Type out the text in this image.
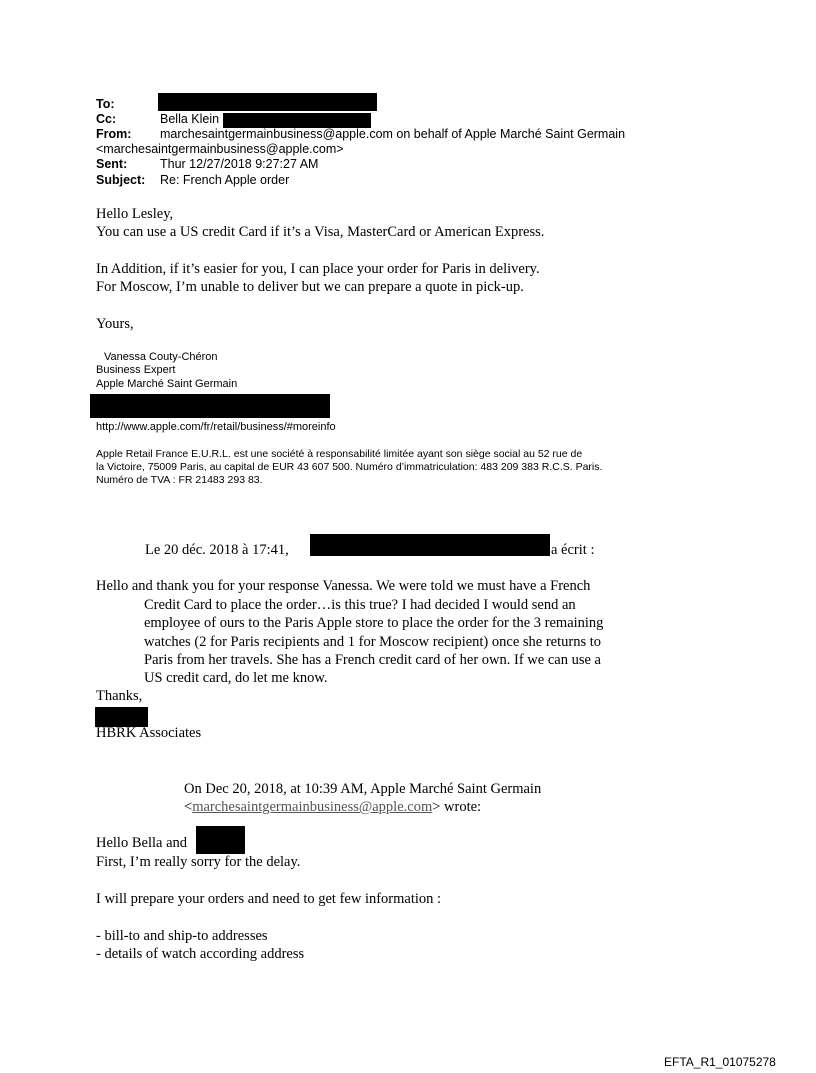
To:
Cc:	Bella Klein
From: marchesaintgermainbusiness@apple.com on behalf of Apple Marché Saint Germain
<marchesaintgermainbusiness@apple.com>
Sent:	Thur 12/27/2018 9:27:27 AM
Subject: Re: French Apple order
Hello Lesley,
You can use a US credit Card if it’s a Visa, MasterCard or American Express.
In Addition, if it’s easier for you, I can place your order for Paris in delivery.
For Moscow, I’m unable to deliver but we can prepare a quote in pick-up.
Yours,
Vanessa Couty-Chéron
Business Expert
Apple Marché Saint Germain
http://www.apple.com/fr/retail/business/#moreinfo
Apple Retail France E.U.R.L. est une société à responsabilité limitée ayant son siège social au 52 rue de
la Victoire, 75009 Paris, au capital de EUR 43 607 500. Numéro d’immatriculation: 483 209 383 R.C.S. Paris.
Numéro de TVA : FR 21483 293 83.
Le 20 déc. 2018 à 17:41,	a écrit :
Hello and thank you for your response Vanessa. We were told we must have a French
Credit Card to place the order…is this true? I had decided I would send an
employee of ours to the Paris Apple store to place the order for the 3 remaining
watches (2 for Paris recipients and 1 for Moscow recipient) once she returns to
Paris from her travels. She has a French credit card of her own. If we can use a
US credit card, do let me know.
Thanks,
HBRK Associates
On Dec 20, 2018, at 10:39 AM, Apple Marché Saint Germain
<marchesaintgermainbusiness@apple.com> wrote:
Hello Bella and
First, I’m really sorry for the delay.
I will prepare your orders and need to get few information :
- bill-to and ship-to addresses
- details of watch according address
EFTA_R1_01075278
